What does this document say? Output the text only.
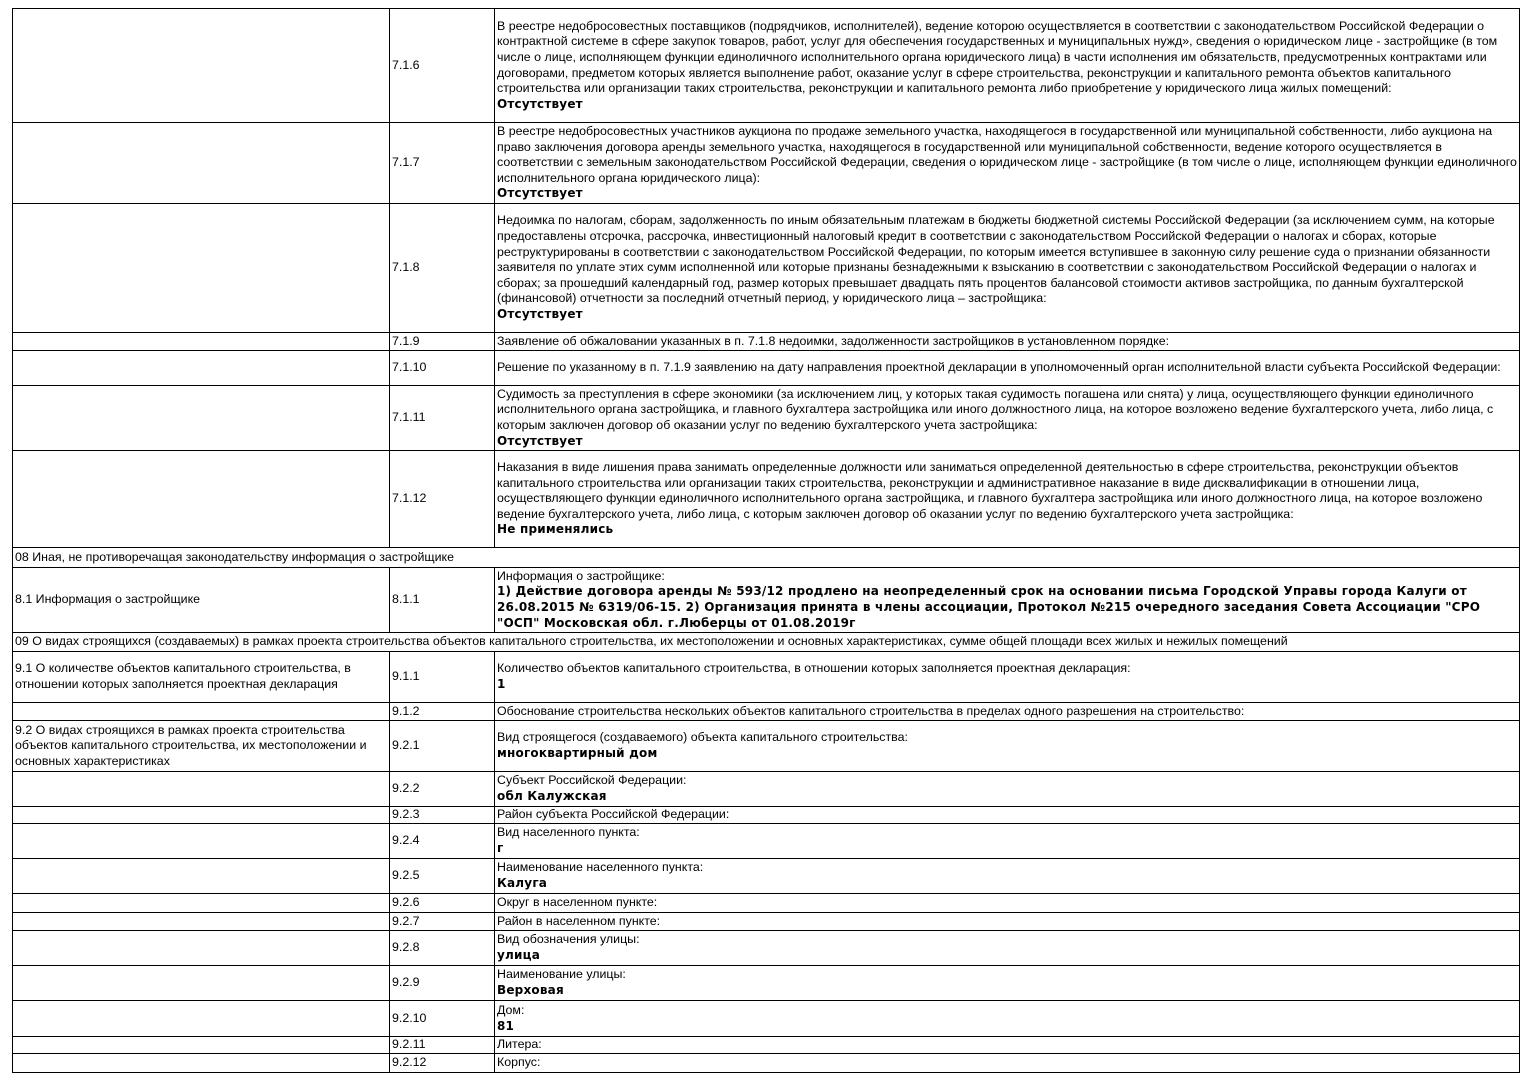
	7.1.6	В реестре недобросовестных поставщиков (подрядчиков, исполнителей), ведение которою осуществляется в соответствии с законодательством Российской Федерации о контрактной системе в сфере закупок товаров, работ, услуг для обеспечения государственных и муниципальных нужд», сведения о юридическом лице - застройщике (в том числе о лице, исполняющем функции единоличного исполнительного органа юридического лица) в части исполнения им обязательств, предусмотренных контрактами или договорами, предметом которых является выполнение работ, оказание услуг в сфере строительства, реконструкции и капитального ремонта объектов капитального строительства или организации таких строительства, реконструкции и капитального ремонта либо приобретение у юридического лица жилых помещений:
Отсутствует

	7.1.7	В реестре недобросовестных участников аукциона по продаже земельного участка, находящегося в государственной или муниципальной собственности, либо аукциона на право заключения договора аренды земельного участка, находящегося в государственной или муниципальной собственности, ведение которого осуществляется в соответствии с земельным законодательством Российской Федерации, сведения о юридическом лице - застройщике (в том числе о лице, исполняющем функции единоличного исполнительного органа юридического лица):
Отсутствует

	7.1.8	Недоимка по налогам, сборам, задолженность по иным обязательным платежам в бюджеты бюджетной системы Российской Федерации (за исключением сумм, на которые предоставлены отсрочка, рассрочка, инвестиционный налоговый кредит в соответствии с законодательством Российской Федерации о налогах и сборах, которые реструктурированы в соответствии с законодательством Российской Федерации, по которым имеется вступившее в законную силу решение суда о признании обязанности заявителя по уплате этих сумм исполненной или которые признаны безнадежными к взысканию в соответствии с законодательством Российской Федерации о налогах и сборах; за прошедший календарный год, размер которых превышает двадцать пять процентов балансовой стоимости активов застройщика, по данным бухгалтерской (финансовой) отчетности за последний отчетный период, у юридического лица – застройщика:
Отсутствует

	7.1.9	Заявление об обжаловании указанных в п. 7.1.8 недоимки, задолженности застройщиков в установленном порядке:

	7.1.10	Решение по указанному в п. 7.1.9 заявлению на дату направления проектной декларации в уполномоченный орган исполнительной власти субъекта Российской Федерации:

	7.1.11	Судимость за преступления в сфере экономики (за исключением лиц, у которых такая судимость погашена или снята) у лица, осуществляющего функции единоличного исполнительного органа застройщика, и главного бухгалтера застройщика или иного должностного лица, на которое возложено ведение бухгалтерского учета, либо лица, с которым заключен договор об оказании услуг по ведению бухгалтерского учета застройщика:
Отсутствует

	7.1.12	Наказания в виде лишения права занимать определенные должности или заниматься определенной деятельностью в сфере строительства, реконструкции объектов капитального строительства или организации таких строительства, реконструкции и административное наказание в виде дисквалификации в отношении лица, осуществляющего функции единоличного исполнительного органа застройщика, и главного бухгалтера застройщика или иного должностного лица, на которое возложено ведение бухгалтерского учета, либо лица, с которым заключен договор об оказании услуг по ведению бухгалтерского учета застройщика:
Не применялись

08 Иная, не противоречащая законодательству информация о застройщике		
8.1 Информация о застройщике	8.1.1	Информация о застройщике:
1) Действие договора аренды № 593/12 продлено на неопределенный срок на основании письма Городской Управы города Калуги от 26.08.2015 № 6319/06-15. 2) Организация принята в члены ассоциации, Протокол №215 очередного заседания Совета Ассоциации "СРО "ОСП" Московская обл. г.Люберцы от 01.08.2019г

09 О видах строящихся (создаваемых) в рамках проекта строительства объектов капитального строительства, их местоположении и основных характеристиках, сумме общей площади всех жилых и нежилых помещений		
9.1 О количестве объектов капитального строительства, в отношении которых заполняется проектная декларация	9.1.1	Количество объектов капитального строительства, в отношении которых заполняется проектная декларация:
1

	9.1.2	Обоснование строительства нескольких объектов капитального строительства в пределах одного разрешения на строительство:

9.2 О видах строящихся в рамках проекта строительства объектов капитального строительства, их местоположении и основных характеристиках	9.2.1	Вид строящегося (создаваемого) объекта капитального строительства:
многоквартирный дом

	9.2.2	Субъект Российской Федерации:
обл Калужская

	9.2.3	Район субъекта Российской Федерации:

	9.2.4	Вид населенного пункта:
г

	9.2.5	Наименование населенного пункта:
Калуга

	9.2.6	Округ в населенном пункте:

	9.2.7	Район в населенном пункте:

	9.2.8	Вид обозначения улицы:
улица

	9.2.9	Наименование улицы:
Верховая

	9.2.10	Дом:
81

	9.2.11	Литера:

	9.2.12	Корпус:
